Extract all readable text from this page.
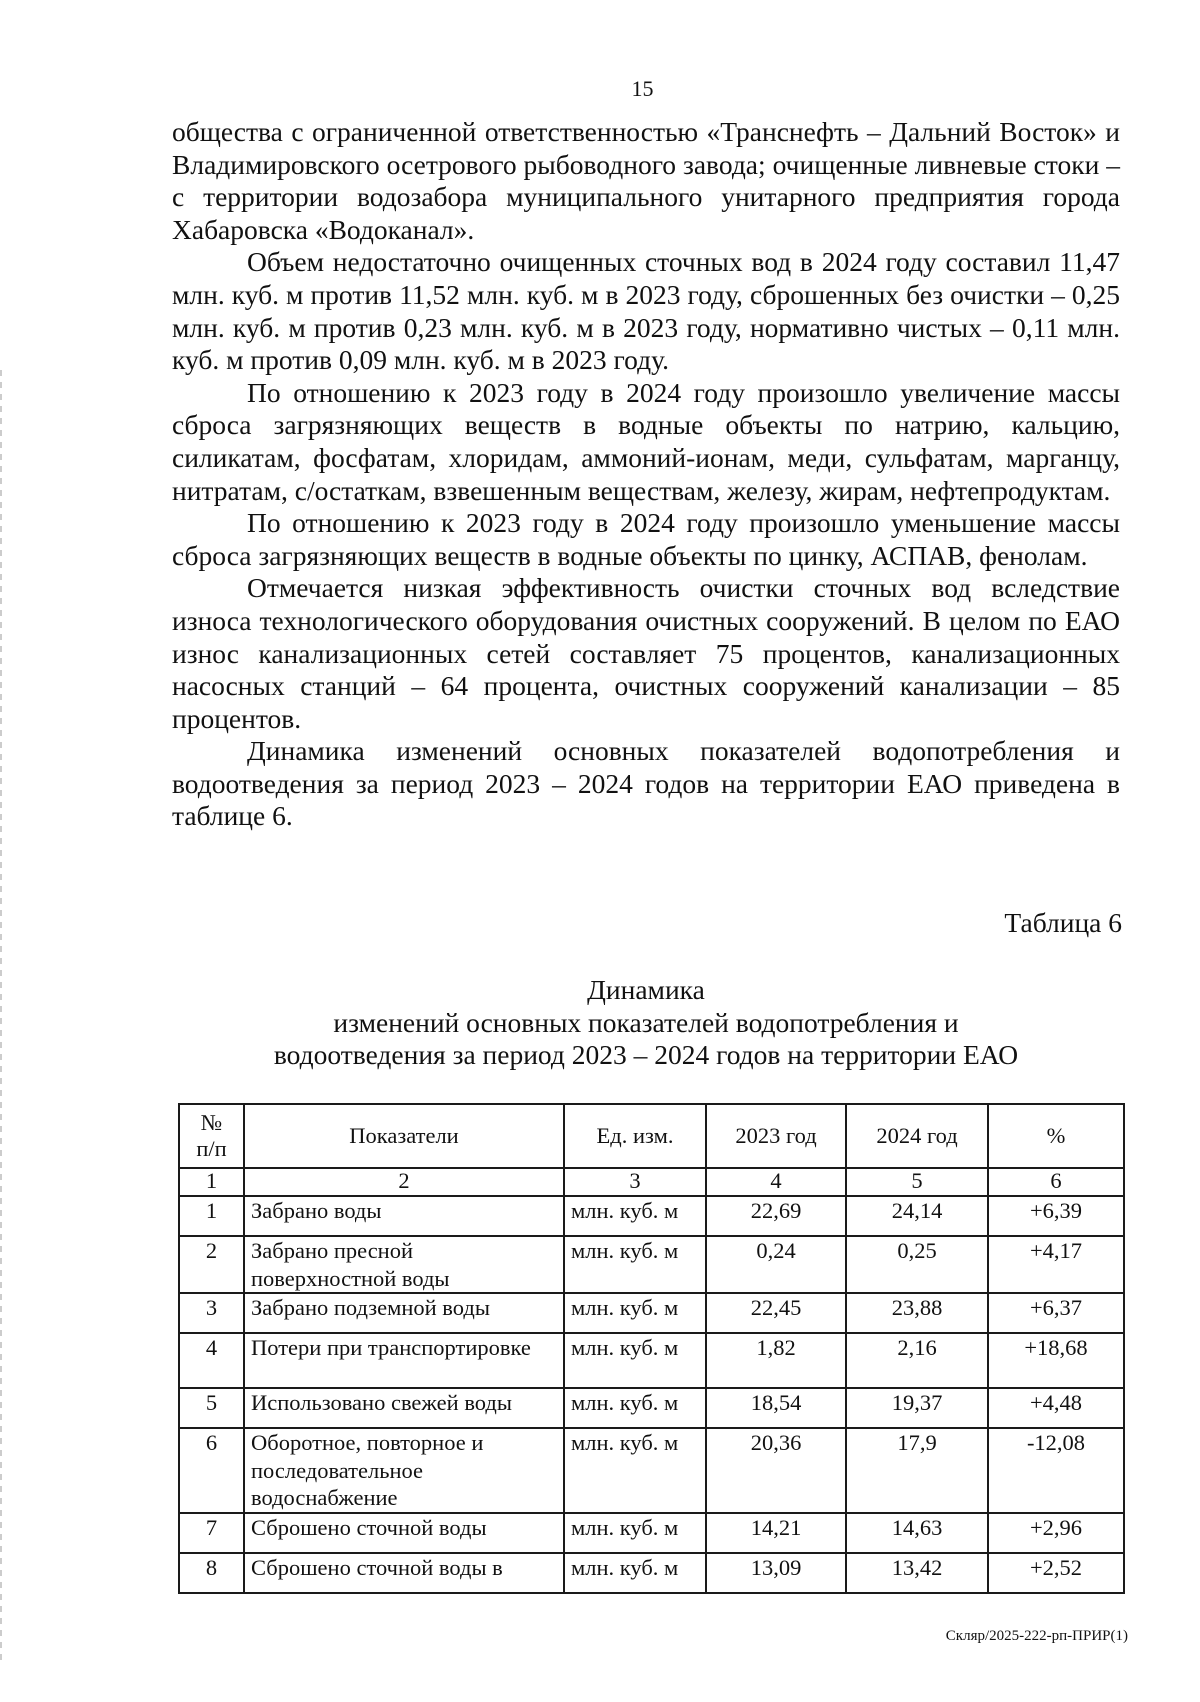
15

общества с ограниченной ответственностью «Транснефть – Дальний Восток» и Владимировского осетрового рыбоводного завода; очищенные ливневые стоки – с территории водозабора муниципального унитарного предприятия города Хабаровска «Водоканал».

Объем недостаточно очищенных сточных вод в 2024 году составил 11,47 млн. куб. м против 11,52 млн. куб. м в 2023 году, сброшенных без очистки – 0,25 млн. куб. м против 0,23 млн. куб. м в 2023 году, нормативно чистых – 0,11 млн. куб. м против 0,09 млн. куб. м в 2023 году.

По отношению к 2023 году в 2024 году произошло увеличение массы сброса загрязняющих веществ в водные объекты по натрию, кальцию, силикатам, фосфатам, хлоридам, аммоний-ионам, меди, сульфатам, марганцу, нитратам, с/остаткам, взвешенным веществам, железу, жирам, нефтепродуктам.

По отношению к 2023 году в 2024 году произошло уменьшение массы сброса загрязняющих веществ в водные объекты по цинку, АСПАВ, фенолам.

Отмечается низкая эффективность очистки сточных вод вследствие износа технологического оборудования очистных сооружений. В целом по ЕАО износ канализационных сетей составляет 75 процентов, канализационных насосных станций – 64 процента, очистных сооружений канализации – 85 процентов.

Динамика изменений основных показателей водопотребления и водоотведения за период 2023 – 2024 годов на территории ЕАО приведена в таблице 6.

Таблица 6
Динамика
изменений основных показателей водопотребления и
водоотведения за период 2023 – 2024 годов на территории ЕАО
№ п/п	Показатели	Ед. изм.	2023 год	2024 год	%
1	2	3	4	5	6
1	Забрано воды	млн. куб. м	22,69	24,14	+6,39
2	Забрано пресной поверхностной воды	млн. куб. м	0,24	0,25	+4,17
3	Забрано подземной воды	млн. куб. м	22,45	23,88	+6,37
4	Потери при транспортировке	млн. куб. м	1,82	2,16	+18,68
5	Использовано свежей воды	млн. куб. м	18,54	19,37	+4,48
6	Оборотное, повторное и последовательное водоснабжение	млн. куб. м	20,36	17,9	-12,08
7	Сброшено сточной воды	млн. куб. м	14,21	14,63	+2,96
8	Сброшено сточной воды в	млн. куб. м	13,09	13,42	+2,52
Скляр/2025-222-рп-ПРИР(1)
